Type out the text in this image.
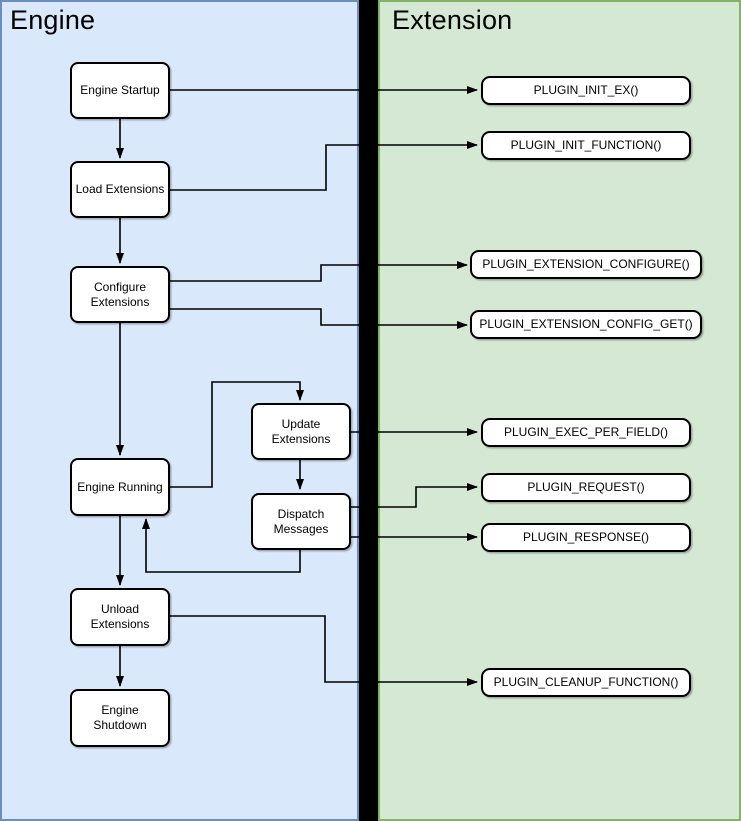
Engine	Extension
Engine Startup
Load Extensions
Configure Extensions
Update Extensions
Engine Running
Dispatch Messages
Unload Extensions
Engine Shutdown
PLUGIN_INIT_EX()
PLUGIN_INIT_FUNCTION()
PLUGIN_EXTENSION_CONFIGURE()
PLUGIN_EXTENSION_CONFIG_GET()
PLUGIN_EXEC_PER_FIELD()
PLUGIN_REQUEST()
PLUGIN_RESPONSE()
PLUGIN_CLEANUP_FUNCTION()
